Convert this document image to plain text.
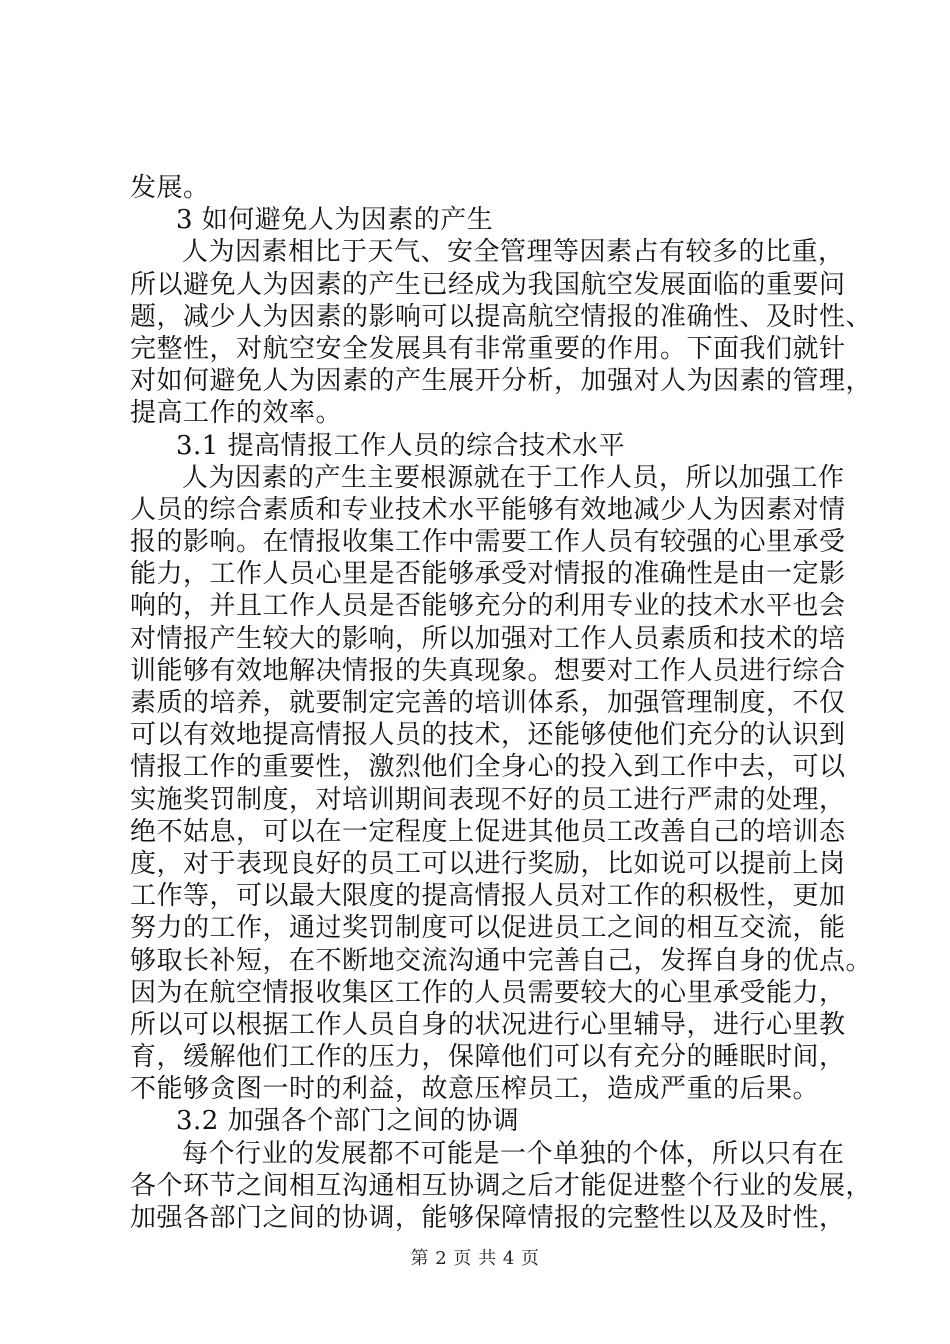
发展。
3 如何避免人为因素的产生
人为因素相比于天气、安全管理等因素占有较多的比重，
所以避免人为因素的产生已经成为我国航空发展面临的重要问
题，减少人为因素的影响可以提高航空情报的准确性、及时性、
完整性，对航空安全发展具有非常重要的作用。下面我们就针
对如何避免人为因素的产生展开分析，加强对人为因素的管理，
提高工作的效率。
3.1 提高情报工作人员的综合技术水平
人为因素的产生主要根源就在于工作人员，所以加强工作
人员的综合素质和专业技术水平能够有效地减少人为因素对情
报的影响。在情报收集工作中需要工作人员有较强的心里承受
能力，工作人员心里是否能够承受对情报的准确性是由一定影
响的，并且工作人员是否能够充分的利用专业的技术水平也会
对情报产生较大的影响，所以加强对工作人员素质和技术的培
训能够有效地解决情报的失真现象。想要对工作人员进行综合
素质的培养，就要制定完善的培训体系，加强管理制度，不仅
可以有效地提高情报人员的技术，还能够使他们充分的认识到
情报工作的重要性，激烈他们全身心的投入到工作中去，可以
实施奖罚制度，对培训期间表现不好的员工进行严肃的处理，
绝不姑息，可以在一定程度上促进其他员工改善自己的培训态
度，对于表现良好的员工可以进行奖励，比如说可以提前上岗
工作等，可以最大限度的提高情报人员对工作的积极性，更加
努力的工作，通过奖罚制度可以促进员工之间的相互交流，能
够取长补短，在不断地交流沟通中完善自己，发挥自身的优点。
因为在航空情报收集区工作的人员需要较大的心里承受能力，
所以可以根据工作人员自身的状况进行心里辅导，进行心里教
育，缓解他们工作的压力，保障他们可以有充分的睡眠时间，
不能够贪图一时的利益，故意压榨员工，造成严重的后果。
3.2 加强各个部门之间的协调
每个行业的发展都不可能是一个单独的个体，所以只有在
各个环节之间相互沟通相互协调之后才能促进整个行业的发展，
加强各部门之间的协调，能够保障情报的完整性以及及时性，
第 2 页 共 4 页
